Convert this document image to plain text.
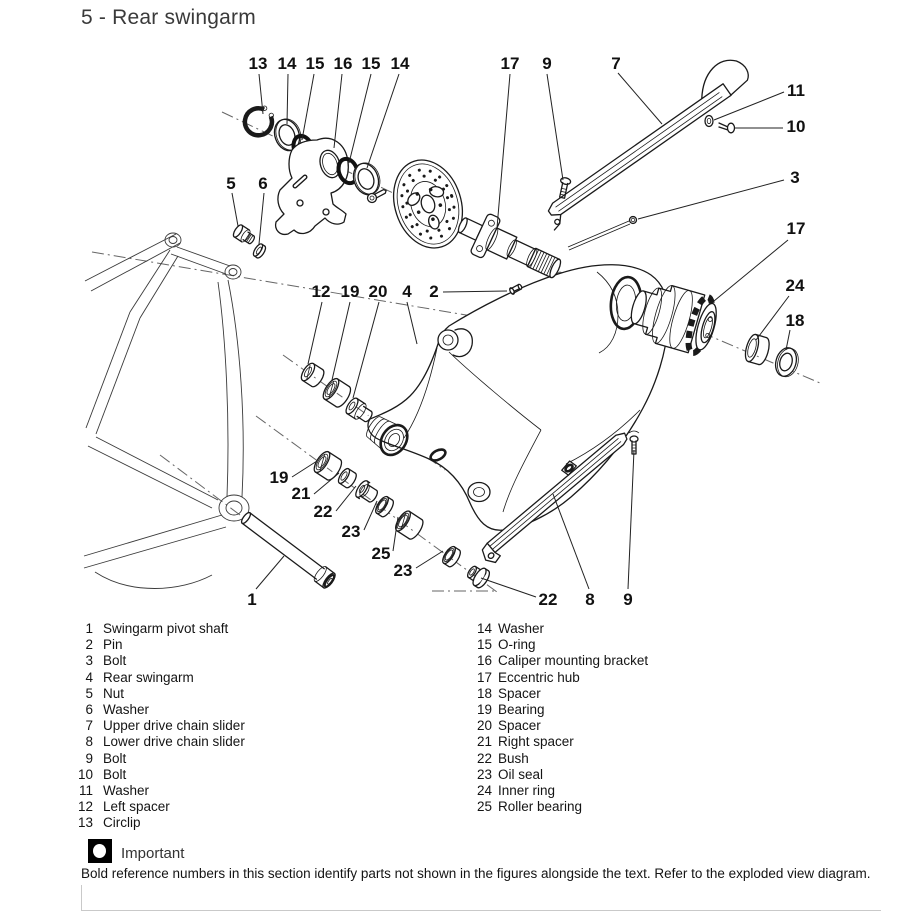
5 - Rear swingarm
13 14 15 16 15 14	17 9	7
11
10
3
17
24
18
5 6
12 19 20 4 2
19
21
22
23
25
23
1	22 8 9
1 Swingarm pivot shaft
2 Pin
3 Bolt
4 Rear swingarm
5 Nut
6 Washer
7 Upper drive chain slider
8 Lower drive chain slider
9 Bolt
10 Bolt
11 Washer
12 Left spacer
13 Circlip
14 Washer
15 O-ring
16 Caliper mounting bracket
17 Eccentric hub
18 Spacer
19 Bearing
20 Spacer
21 Right spacer
22 Bush
23 Oil seal
24 Inner ring
25 Roller bearing
Important
Bold reference numbers in this section identify parts not shown in the figures alongside the text. Refer to the exploded view diagram.
